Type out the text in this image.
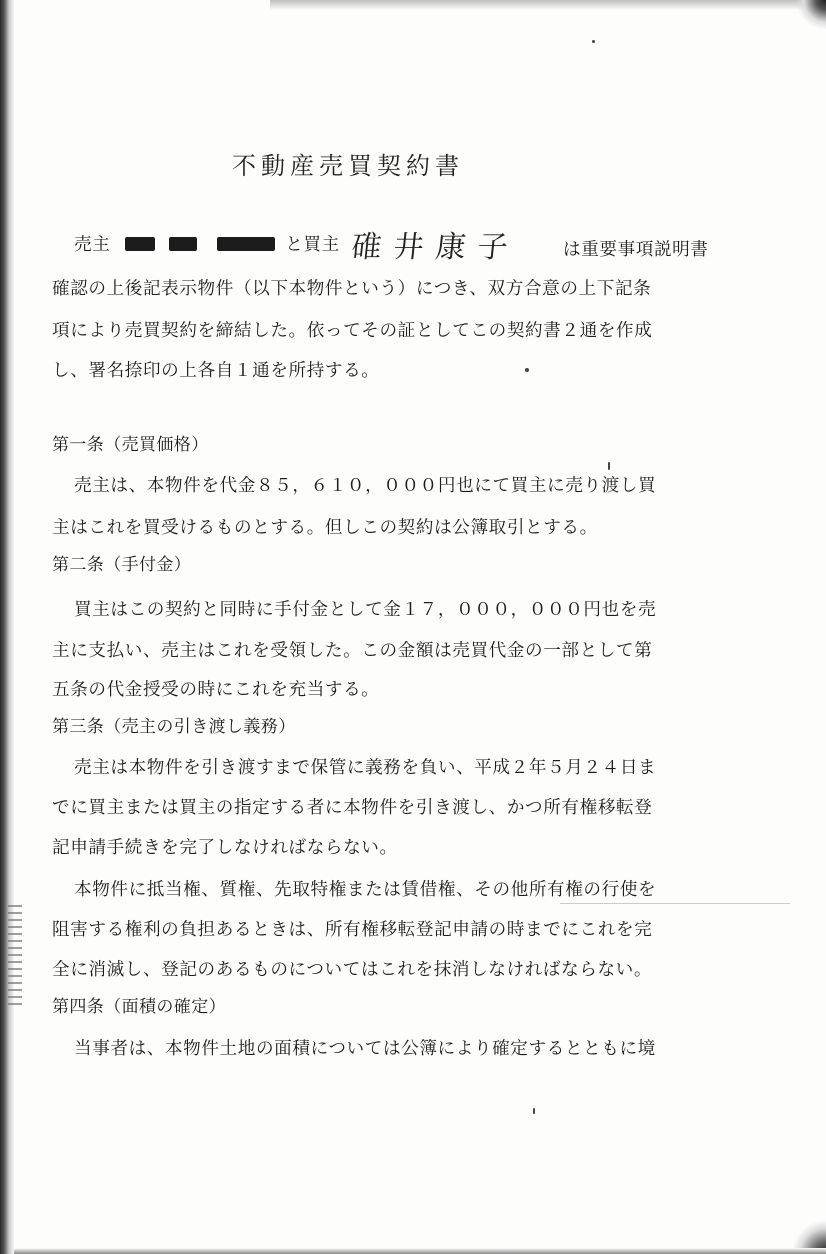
不動産売買契約書
売主	と買主 碓井康子 は重要事項説明書
確認の上後記表示物件（以下本物件という）につき、双方合意の上下記条
項により売買契約を締結した。依ってその証としてこの契約書２通を作成
し、署名捺印の上各自１通を所持する。
第一条（売買価格）
売主は、本物件を代金８５，６１０，０００円也にて買主に売り渡し買
主はこれを買受けるものとする。但しこの契約は公簿取引とする。
第二条（手付金）
買主はこの契約と同時に手付金として金１７，０００，０００円也を売
主に支払い、売主はこれを受領した。この金額は売買代金の一部として第
五条の代金授受の時にこれを充当する。
第三条（売主の引き渡し義務）
売主は本物件を引き渡すまで保管に義務を負い、平成２年５月２４日ま
でに買主または買主の指定する者に本物件を引き渡し、かつ所有権移転登
記申請手続きを完了しなければならない。
本物件に抵当権、質権、先取特権または賃借権、その他所有権の行使を
阻害する権利の負担あるときは、所有権移転登記申請の時までにこれを完
全に消滅し、登記のあるものについてはこれを抹消しなければならない。
第四条（面積の確定）
当事者は、本物件土地の面積については公簿により確定するとともに境
